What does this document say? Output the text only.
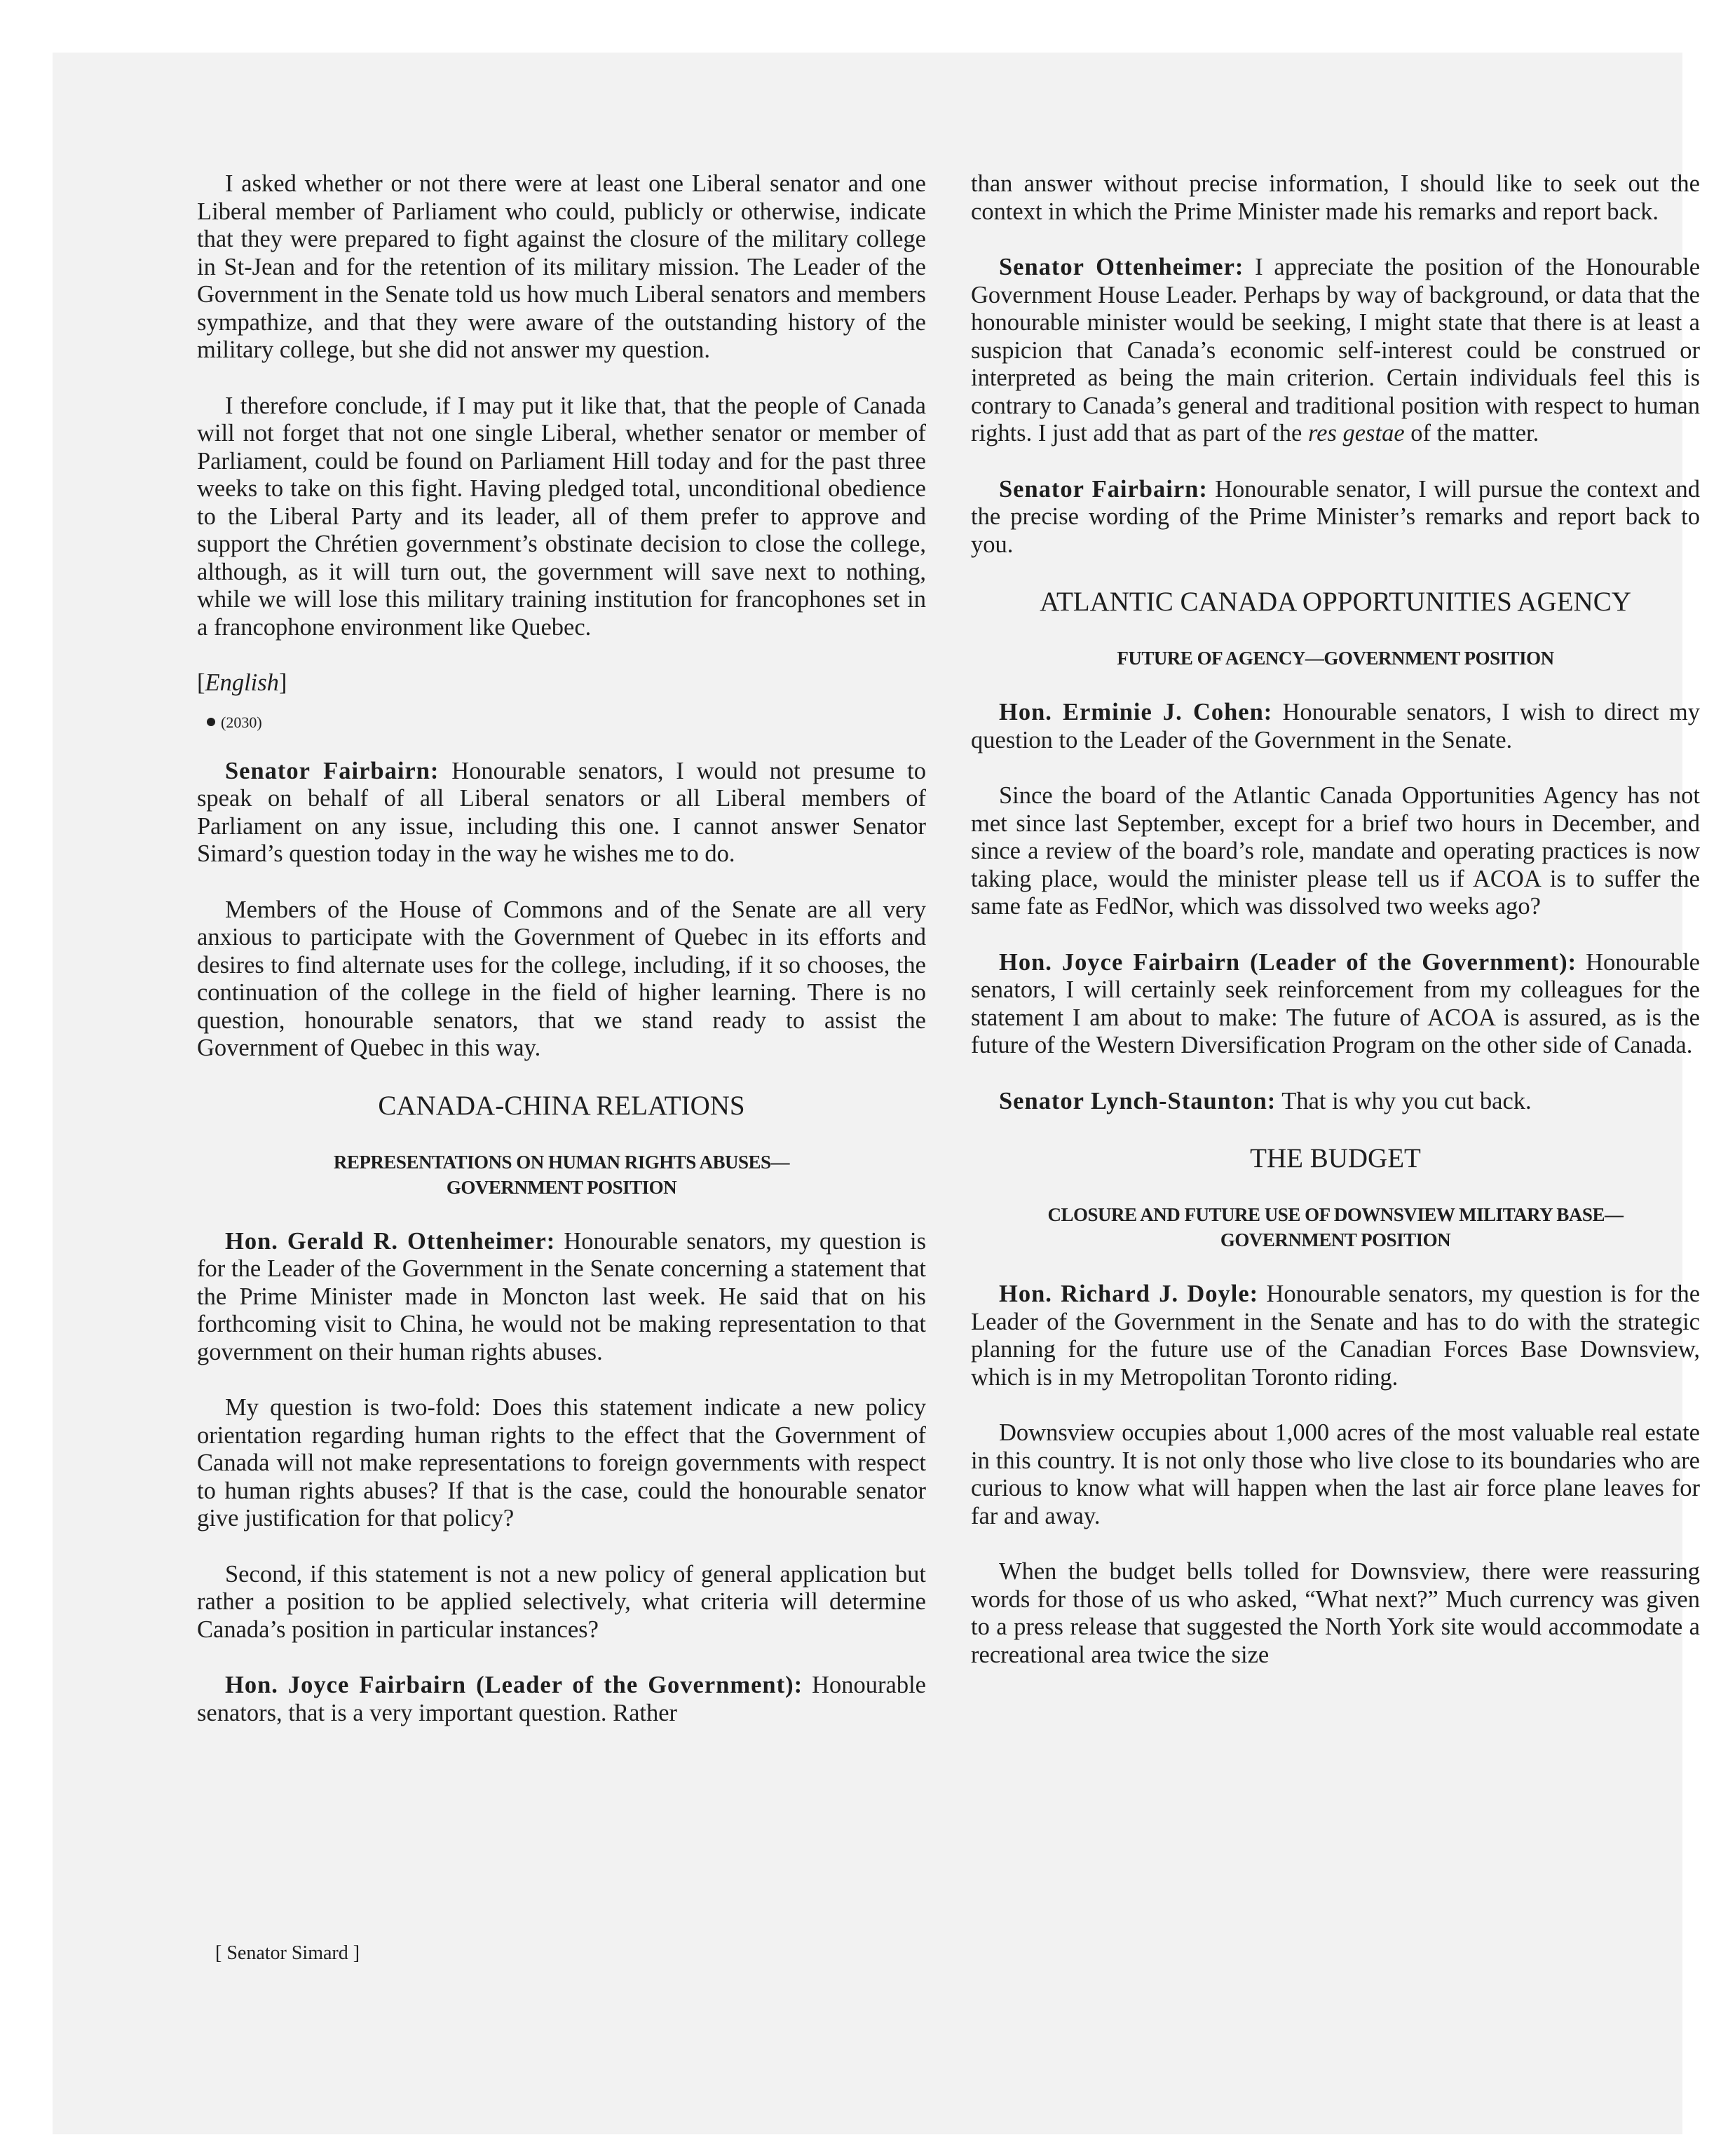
I asked whether or not there were at least one Liberal senator and one Liberal member of Parliament who could, publicly or otherwise, indicate that they were prepared to fight against the closure of the military college in St-Jean and for the retention of its military mission. The Leader of the Government in the Senate told us how much Liberal senators and members sympathize, and that they were aware of the outstanding history of the military college, but she did not answer my question.

I therefore conclude, if I may put it like that, that the people of Canada will not forget that not one single Liberal, whether senator or member of Parliament, could be found on Parliament Hill today and for the past three weeks to take on this fight. Having pledged total, unconditional obedience to the Liberal Party and its leader, all of them prefer to approve and support the Chrétien government’s obstinate decision to close the college, although, as it will turn out, the government will save next to nothing, while we will lose this military training institution for francophones set in a francophone environment like Quebec.

[English]

(2030)

Senator Fairbairn: Honourable senators, I would not presume to speak on behalf of all Liberal senators or all Liberal members of Parliament on any issue, including this one. I cannot answer Senator Simard’s question today in the way he wishes me to do.

Members of the House of Commons and of the Senate are all very anxious to participate with the Government of Quebec in its efforts and desires to find alternate uses for the college, including, if it so chooses, the continuation of the college in the field of higher learning. There is no question, honourable senators, that we stand ready to assist the Government of Quebec in this way.

CANADA-CHINA RELATIONS
REPRESENTATIONS ON HUMAN RIGHTS ABUSES—
GOVERNMENT POSITION

Hon. Gerald R. Ottenheimer: Honourable senators, my question is for the Leader of the Government in the Senate concerning a statement that the Prime Minister made in Moncton last week. He said that on his forthcoming visit to China, he would not be making representation to that government on their human rights abuses.

My question is two-fold: Does this statement indicate a new policy orientation regarding human rights to the effect that the Government of Canada will not make representations to foreign governments with respect to human rights abuses? If that is the case, could the honourable senator give justification for that policy?

Second, if this statement is not a new policy of general application but rather a position to be applied selectively, what criteria will determine Canada’s position in particular instances?

Hon. Joyce Fairbairn (Leader of the Government): Honourable senators, that is a very important question. Rather

than answer without precise information, I should like to seek out the context in which the Prime Minister made his remarks and report back.

Senator Ottenheimer: I appreciate the position of the Honourable Government House Leader. Perhaps by way of background, or data that the honourable minister would be seeking, I might state that there is at least a suspicion that Canada’s economic self-interest could be construed or interpreted as being the main criterion. Certain individuals feel this is contrary to Canada’s general and traditional position with respect to human rights. I just add that as part of the res gestae of the matter.

Senator Fairbairn: Honourable senator, I will pursue the context and the precise wording of the Prime Minister’s remarks and report back to you.

ATLANTIC CANADA OPPORTUNITIES AGENCY
FUTURE OF AGENCY—GOVERNMENT POSITION

Hon. Erminie J. Cohen: Honourable senators, I wish to direct my question to the Leader of the Government in the Senate.

Since the board of the Atlantic Canada Opportunities Agency has not met since last September, except for a brief two hours in December, and since a review of the board’s role, mandate and operating practices is now taking place, would the minister please tell us if ACOA is to suffer the same fate as FedNor, which was dissolved two weeks ago?

Hon. Joyce Fairbairn (Leader of the Government): Honourable senators, I will certainly seek reinforcement from my colleagues for the statement I am about to make: The future of ACOA is assured, as is the future of the Western Diversification Program on the other side of Canada.

Senator Lynch-Staunton: That is why you cut back.

THE BUDGET
CLOSURE AND FUTURE USE OF DOWNSVIEW MILITARY BASE—
GOVERNMENT POSITION

Hon. Richard J. Doyle: Honourable senators, my question is for the Leader of the Government in the Senate and has to do with the strategic planning for the future use of the Canadian Forces Base Downsview, which is in my Metropolitan Toronto riding.

Downsview occupies about 1,000 acres of the most valuable real estate in this country. It is not only those who live close to its boundaries who are curious to know what will happen when the last air force plane leaves for far and away.

When the budget bells tolled for Downsview, there were reassuring words for those of us who asked, “What next?” Much currency was given to a press release that suggested the North York site would accommodate a recreational area twice the size

[ Senator Simard ]
